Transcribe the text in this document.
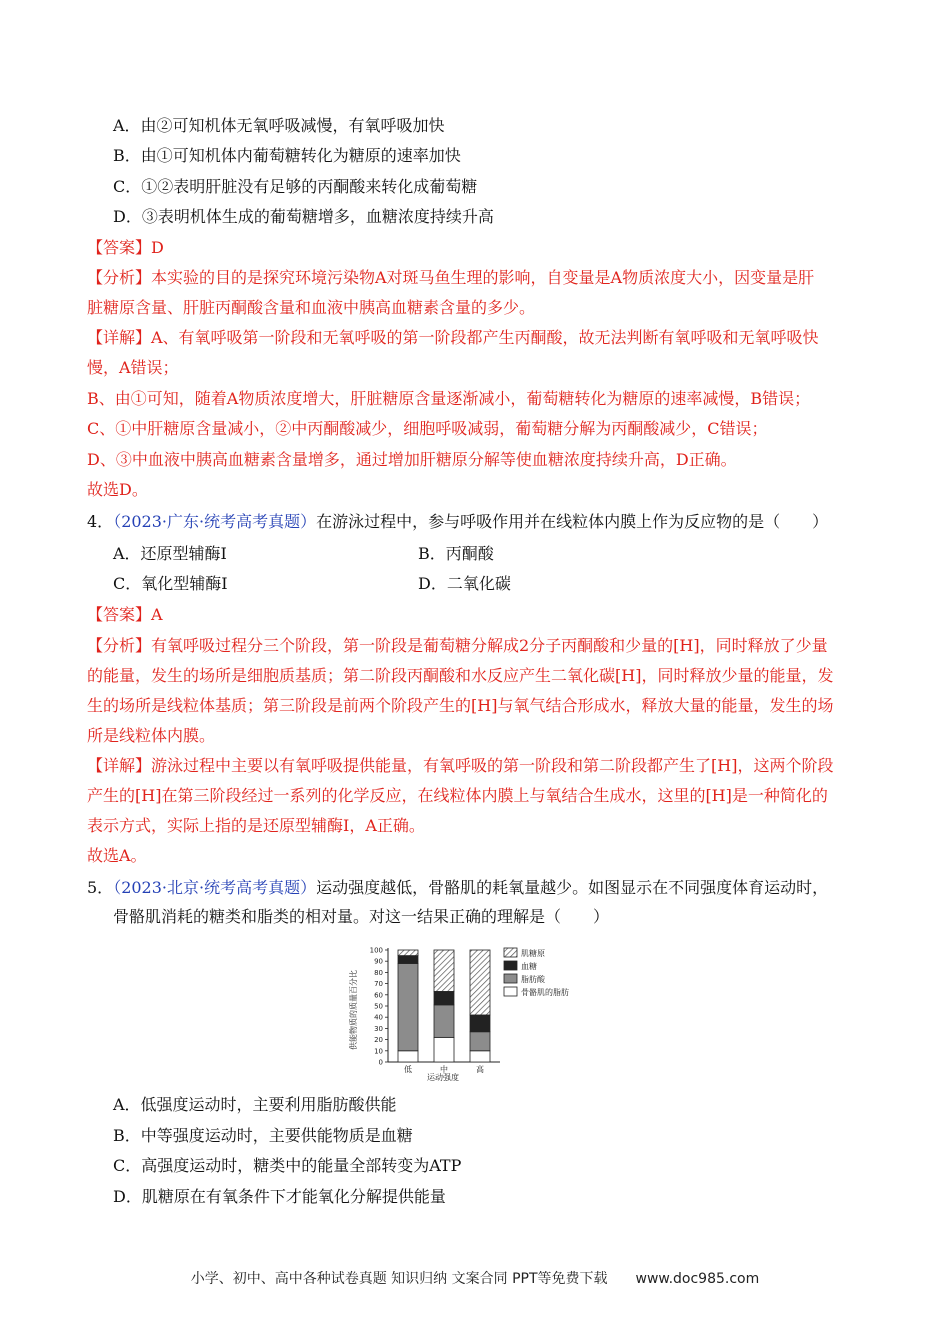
A．由②可知机体无氧呼吸减慢，有氧呼吸加快
B．由①可知机体内葡萄糖转化为糖原的速率加快
C．①②表明肝脏没有足够的丙酮酸来转化成葡萄糖
D．③表明机体生成的葡萄糖增多，血糖浓度持续升高
【答案】D
【分析】本实验的目的是探究环境污染物A对斑马鱼生理的影响，自变量是A物质浓度大小，因变量是肝
脏糖原含量、肝脏丙酮酸含量和血液中胰高血糖素含量的多少。
【详解】A、有氧呼吸第一阶段和无氧呼吸的第一阶段都产生丙酮酸，故无法判断有氧呼吸和无氧呼吸快
慢，A错误；
B、由①可知，随着A物质浓度增大，肝脏糖原含量逐渐减小，葡萄糖转化为糖原的速率减慢，B错误；
C、①中肝糖原含量减小，②中丙酮酸减少，细胞呼吸减弱，葡萄糖分解为丙酮酸减少，C错误；
D、③中血液中胰高血糖素含量增多，通过增加肝糖原分解等使血糖浓度持续升高，D正确。
故选D。
4．（2023·广东·统考高考真题）在游泳过程中，参与呼吸作用并在线粒体内膜上作为反应物的是（　　）
A．还原型辅酶Ⅰ	B．丙酮酸
C．氧化型辅酶Ⅰ	D．二氧化碳
【答案】A
【分析】有氧呼吸过程分三个阶段，第一阶段是葡萄糖分解成2分子丙酮酸和少量的[H]，同时释放了少量
的能量，发生的场所是细胞质基质；第二阶段丙酮酸和水反应产生二氧化碳[H]，同时释放少量的能量，发
生的场所是线粒体基质；第三阶段是前两个阶段产生的[H]与氧气结合形成水，释放大量的能量，发生的场
所是线粒体内膜。
【详解】游泳过程中主要以有氧呼吸提供能量，有氧呼吸的第一阶段和第二阶段都产生了[H]，这两个阶段
产生的[H]在第三阶段经过一系列的化学反应，在线粒体内膜上与氧结合生成水，这里的[H]是一种简化的
表示方式，实际上指的是还原型辅酶Ⅰ，A正确。
故选A。
5．（2023·北京·统考高考真题）运动强度越低，骨骼肌的耗氧量越少。如图显示在不同强度体育运动时，
骨骼肌消耗的糖类和脂类的相对量。对这一结果正确的理解是（　　）
供能物质的质量百分比
运动强度
0
10
20
30
40
50
60
70
80
90
100
低	中	高
肌糖原
血糖
脂肪酸
骨骼肌的脂肪
A．低强度运动时，主要利用脂肪酸供能
B．中等强度运动时，主要供能物质是血糖
C．高强度运动时，糖类中的能量全部转变为ATP
D．肌糖原在有氧条件下才能氧化分解提供能量
小学、初中、高中各种试卷真题 知识归纳 文案合同 PPT等免费下载　　www.doc985.com
